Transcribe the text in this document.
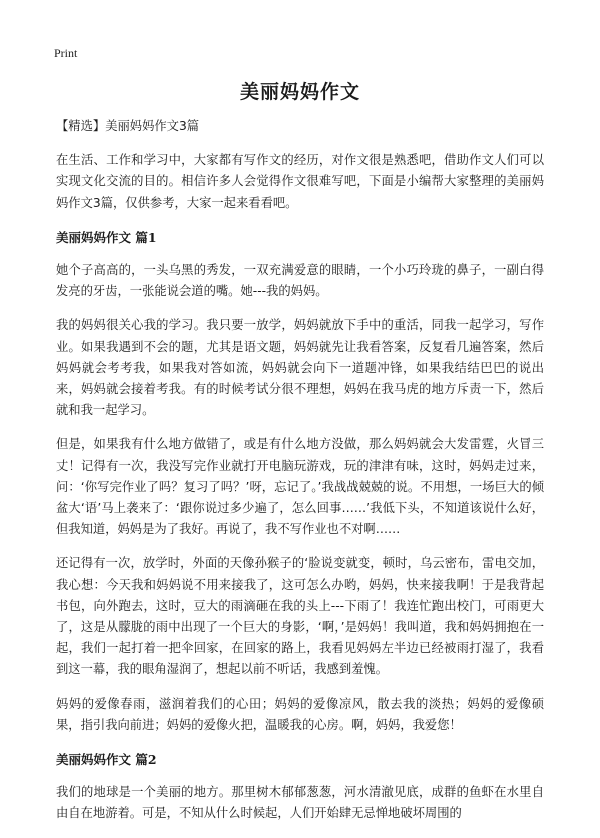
Print
美丽妈妈作文

【精选】美丽妈妈作文3篇

在生活、工作和学习中，大家都有写作文的经历，对作文很是熟悉吧，借助作文人们可以实现文化交流的目的。相信许多人会觉得作文很难写吧，下面是小编帮大家整理的美丽妈妈作文3篇，仅供参考，大家一起来看看吧。

美丽妈妈作文 篇1

她个子高高的，一头乌黑的秀发，一双充满爱意的眼睛，一个小巧玲珑的鼻子，一副白得发亮的牙齿，一张能说会道的嘴。她---我的妈妈。

我的妈妈很关心我的学习。我只要一放学，妈妈就放下手中的重活，同我一起学习，写作业。如果我遇到不会的题，尤其是语文题，妈妈就先让我看答案，反复看几遍答案，然后妈妈就会考考我，如果我对答如流，妈妈就会向下一道题冲锋，如果我结结巴巴的说出来，妈妈就会接着考我。有的时候考试分很不理想，妈妈在我马虎的地方斥责一下，然后就和我一起学习。

但是，如果我有什么地方做错了，或是有什么地方没做，那么妈妈就会大发雷霆，火冒三丈！记得有一次，我没写完作业就打开电脑玩游戏，玩的津津有味，这时，妈妈走过来，问：‘你写完作业了吗？复习了吗？’呀，忘记了。’我战战兢兢的说。不用想，一场巨大的倾盆大‘语’马上袭来了：‘跟你说过多少遍了，怎么回事……’我低下头，不知道该说什么好，但我知道，妈妈是为了我好。再说了，我不写作业也不对啊……

还记得有一次，放学时，外面的天像孙猴子的‘脸说变就变，顿时，乌云密布，雷电交加，我心想：今天我和妈妈说不用来接我了，这可怎么办哟，妈妈，快来接我啊！于是我背起书包，向外跑去，这时，豆大的雨滴砸在我的头上---下雨了！我连忙跑出校门，可雨更大了，这是从朦胧的雨中出现了一个巨大的身影，‘啊，’是妈妈！我叫道，我和妈妈拥抱在一起，我们一起打着一把伞回家，在回家的路上，我看见妈妈左半边已经被雨打湿了，我看到这一幕，我的眼角湿润了，想起以前不听话，我感到羞愧。

妈妈的爱像春雨，滋润着我们的心田；妈妈的爱像凉风，散去我的淡热；妈妈的爱像硕果，指引我向前进；妈妈的爱像火把，温暖我的心房。啊，妈妈，我爱您！

美丽妈妈作文 篇2

我们的地球是一个美丽的地方。那里树木郁郁葱葱，河水清澈见底，成群的鱼虾在水里自由自在地游着。可是，不知从什么时候起，人们开始肆无忌惮地破坏周围的
